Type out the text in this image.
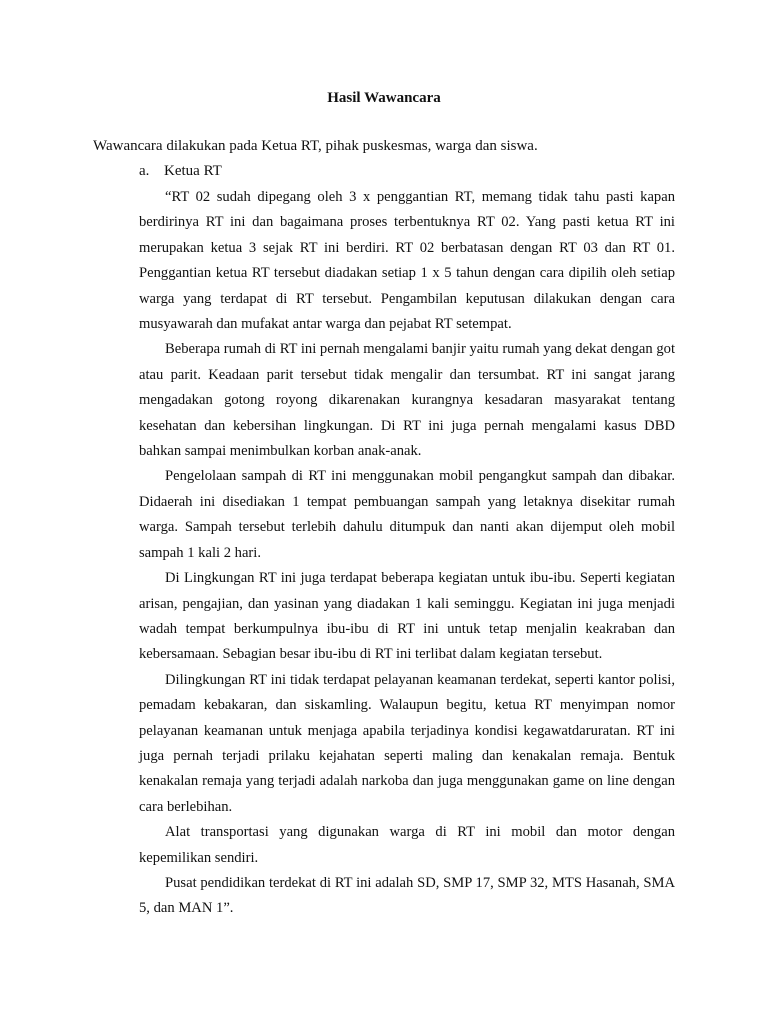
Hasil Wawancara
Wawancara dilakukan pada Ketua RT, pihak puskesmas, warga dan siswa.
a. Ketua RT

“RT 02 sudah dipegang oleh 3 x penggantian RT, memang tidak tahu pasti kapan berdirinya RT ini dan bagaimana proses terbentuknya RT 02. Yang pasti ketua RT ini merupakan ketua 3 sejak RT ini berdiri. RT 02 berbatasan dengan RT 03 dan RT 01. Penggantian ketua RT tersebut diadakan setiap 1 x 5 tahun dengan cara dipilih oleh setiap warga yang terdapat di RT tersebut. Pengambilan keputusan dilakukan dengan cara musyawarah dan mufakat antar warga dan pejabat RT setempat.

Beberapa rumah di RT ini pernah mengalami banjir yaitu rumah yang dekat dengan got atau parit. Keadaan parit tersebut tidak mengalir dan tersumbat. RT ini sangat jarang mengadakan gotong royong dikarenakan kurangnya kesadaran masyarakat tentang kesehatan dan kebersihan lingkungan. Di RT ini juga pernah mengalami kasus DBD bahkan sampai menimbulkan korban anak-anak.

Pengelolaan sampah di RT ini menggunakan mobil pengangkut sampah dan dibakar. Didaerah ini disediakan 1 tempat pembuangan sampah yang letaknya disekitar rumah warga. Sampah tersebut terlebih dahulu ditumpuk dan nanti akan dijemput oleh mobil sampah 1 kali 2 hari.

Di Lingkungan RT ini juga terdapat beberapa kegiatan untuk ibu-ibu. Seperti kegiatan arisan, pengajian, dan yasinan yang diadakan 1 kali seminggu. Kegiatan ini juga menjadi wadah tempat berkumpulnya ibu-ibu di RT ini untuk tetap menjalin keakraban dan kebersamaan. Sebagian besar ibu-ibu di RT ini terlibat dalam kegiatan tersebut.

Dilingkungan RT ini tidak terdapat pelayanan keamanan terdekat, seperti kantor polisi, pemadam kebakaran, dan siskamling. Walaupun begitu, ketua RT menyimpan nomor pelayanan keamanan untuk menjaga apabila terjadinya kondisi kegawatdaruratan. RT ini juga pernah terjadi prilaku kejahatan seperti maling dan kenakalan remaja. Bentuk kenakalan remaja yang terjadi adalah narkoba dan juga menggunakan game on line dengan cara berlebihan.

Alat transportasi yang digunakan warga di RT ini mobil dan motor dengan kepemilikan sendiri.

Pusat pendidikan terdekat di RT ini adalah SD, SMP 17, SMP 32, MTS Hasanah, SMA 5, dan MAN 1”.
